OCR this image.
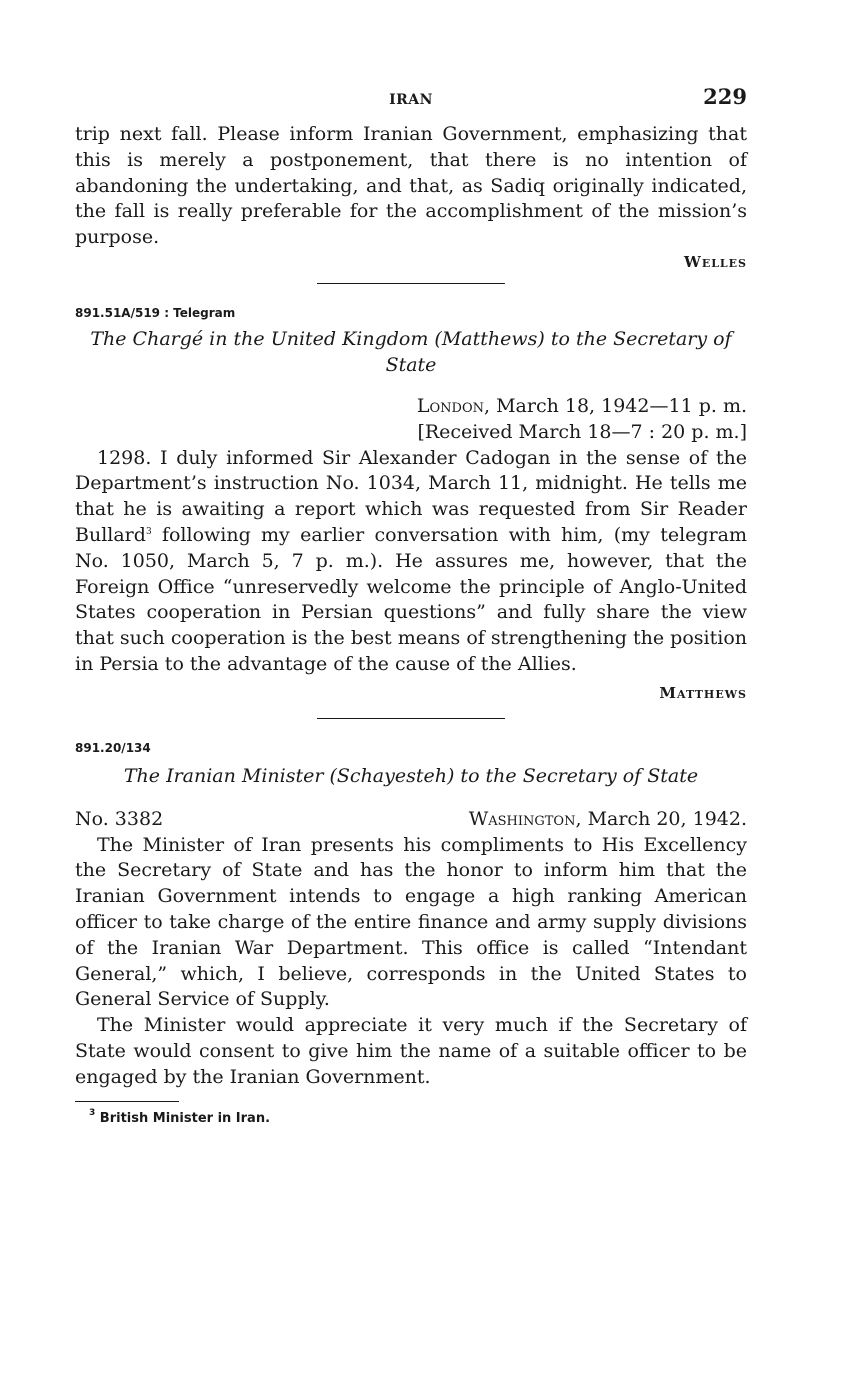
IRAN	229

trip next fall. Please inform Iranian Government, emphasizing that this is merely a postponement, that there is no intention of abandoning the undertaking, and that, as Sadiq originally indicated, the fall is really preferable for the accomplishment of the mission’s purpose.

Welles
891.51A/519 : Telegram
The Chargé in the United Kingdom (Matthews) to the Secretary of State
London, March 18, 1942—11 p. m.
[Received March 18—7 : 20 p. m.]

1298. I duly informed Sir Alexander Cadogan in the sense of the Department’s instruction No. 1034, March 11, midnight. He tells me that he is awaiting a report which was requested from Sir Reader Bullard$^3$ following my earlier conversation with him, (my telegram No. 1050, March 5, 7 p. m.). He assures me, however, that the Foreign Office “unreservedly welcome the principle of Anglo-United States cooperation in Persian questions” and fully share the view that such cooperation is the best means of strengthening the position in Persia to the advantage of the cause of the Allies.

Matthews
891.20/134
The Iranian Minister (Schayesteh) to the Secretary of State
No. 3382	Washington, March 20, 1942.

The Minister of Iran presents his compliments to His Excellency the Secretary of State and has the honor to inform him that the Iranian Government intends to engage a high ranking American officer to take charge of the entire finance and army supply divisions of the Iranian War Department. This office is called “Intendant General,” which, I believe, corresponds in the United States to General Service of Supply.

The Minister would appreciate it very much if the Secretary of State would consent to give him the name of a suitable officer to be engaged by the Iranian Government.

$^3$ British Minister in Iran.
